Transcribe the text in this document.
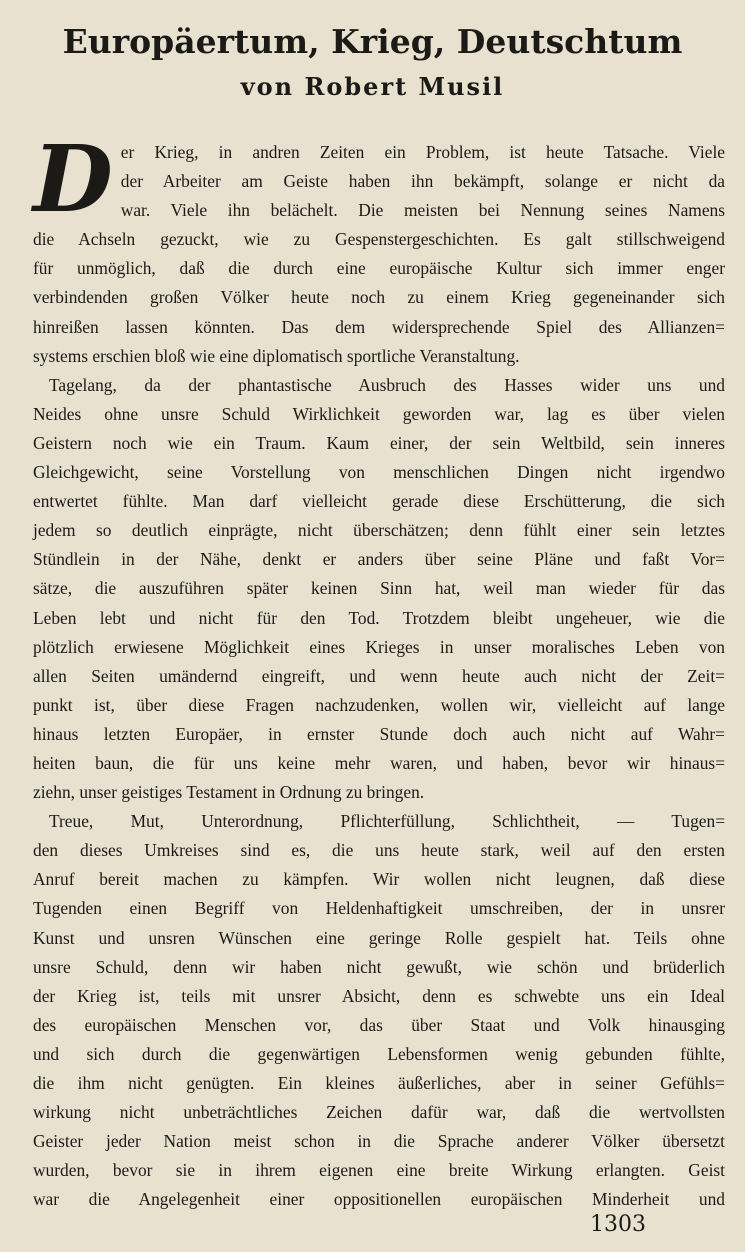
Europäertum, Krieg, Deutschtum
von Robert Musil
D er Krieg, in andren Zeiten ein Problem, ist heute Tatsache. Viele
der Arbeiter am Geiste haben ihn bekämpft, solange er nicht da
war. Viele ihn belächelt. Die meisten bei Nennung seines Namens
die Achseln gezuckt, wie zu Gespenstergeschichten. Es galt stillschweigend
für unmöglich, daß die durch eine europäische Kultur sich immer enger
verbindenden großen Völker heute noch zu einem Krieg gegeneinander sich
hinreißen lassen könnten. Das dem widersprechende Spiel des Allianzen=
systems erschien bloß wie eine diplomatisch sportliche Veranstaltung.
Tagelang, da der phantastische Ausbruch des Hasses wider uns und
Neides ohne unsre Schuld Wirklichkeit geworden war, lag es über vielen
Geistern noch wie ein Traum. Kaum einer, der sein Weltbild, sein inneres
Gleichgewicht, seine Vorstellung von menschlichen Dingen nicht irgendwo
entwertet fühlte. Man darf vielleicht gerade diese Erschütterung, die sich
jedem so deutlich einprägte, nicht überschätzen; denn fühlt einer sein letztes
Stündlein in der Nähe, denkt er anders über seine Pläne und faßt Vor=
sätze, die auszuführen später keinen Sinn hat, weil man wieder für das
Leben lebt und nicht für den Tod. Trotzdem bleibt ungeheuer, wie die
plötzlich erwiesene Möglichkeit eines Krieges in unser moralisches Leben von
allen Seiten umändernd eingreift, und wenn heute auch nicht der Zeit=
punkt ist, über diese Fragen nachzudenken, wollen wir, vielleicht auf lange
hinaus letzten Europäer, in ernster Stunde doch auch nicht auf Wahr=
heiten baun, die für uns keine mehr waren, und haben, bevor wir hinaus=
ziehn, unser geistiges Testament in Ordnung zu bringen.
Treue, Mut, Unterordnung, Pflichterfüllung, Schlichtheit, — Tugen=
den dieses Umkreises sind es, die uns heute stark, weil auf den ersten
Anruf bereit machen zu kämpfen. Wir wollen nicht leugnen, daß diese
Tugenden einen Begriff von Heldenhaftigkeit umschreiben, der in unsrer
Kunst und unsren Wünschen eine geringe Rolle gespielt hat. Teils ohne
unsre Schuld, denn wir haben nicht gewußt, wie schön und brüderlich
der Krieg ist, teils mit unsrer Absicht, denn es schwebte uns ein Ideal
des europäischen Menschen vor, das über Staat und Volk hinausging
und sich durch die gegenwärtigen Lebensformen wenig gebunden fühlte,
die ihm nicht genügten. Ein kleines äußerliches, aber in seiner Gefühls=
wirkung nicht unbeträchtliches Zeichen dafür war, daß die wertvollsten
Geister jeder Nation meist schon in die Sprache anderer Völker übersetzt
wurden, bevor sie in ihrem eigenen eine breite Wirkung erlangten. Geist
war die Angelegenheit einer oppositionellen europäischen Minderheit und
1303
